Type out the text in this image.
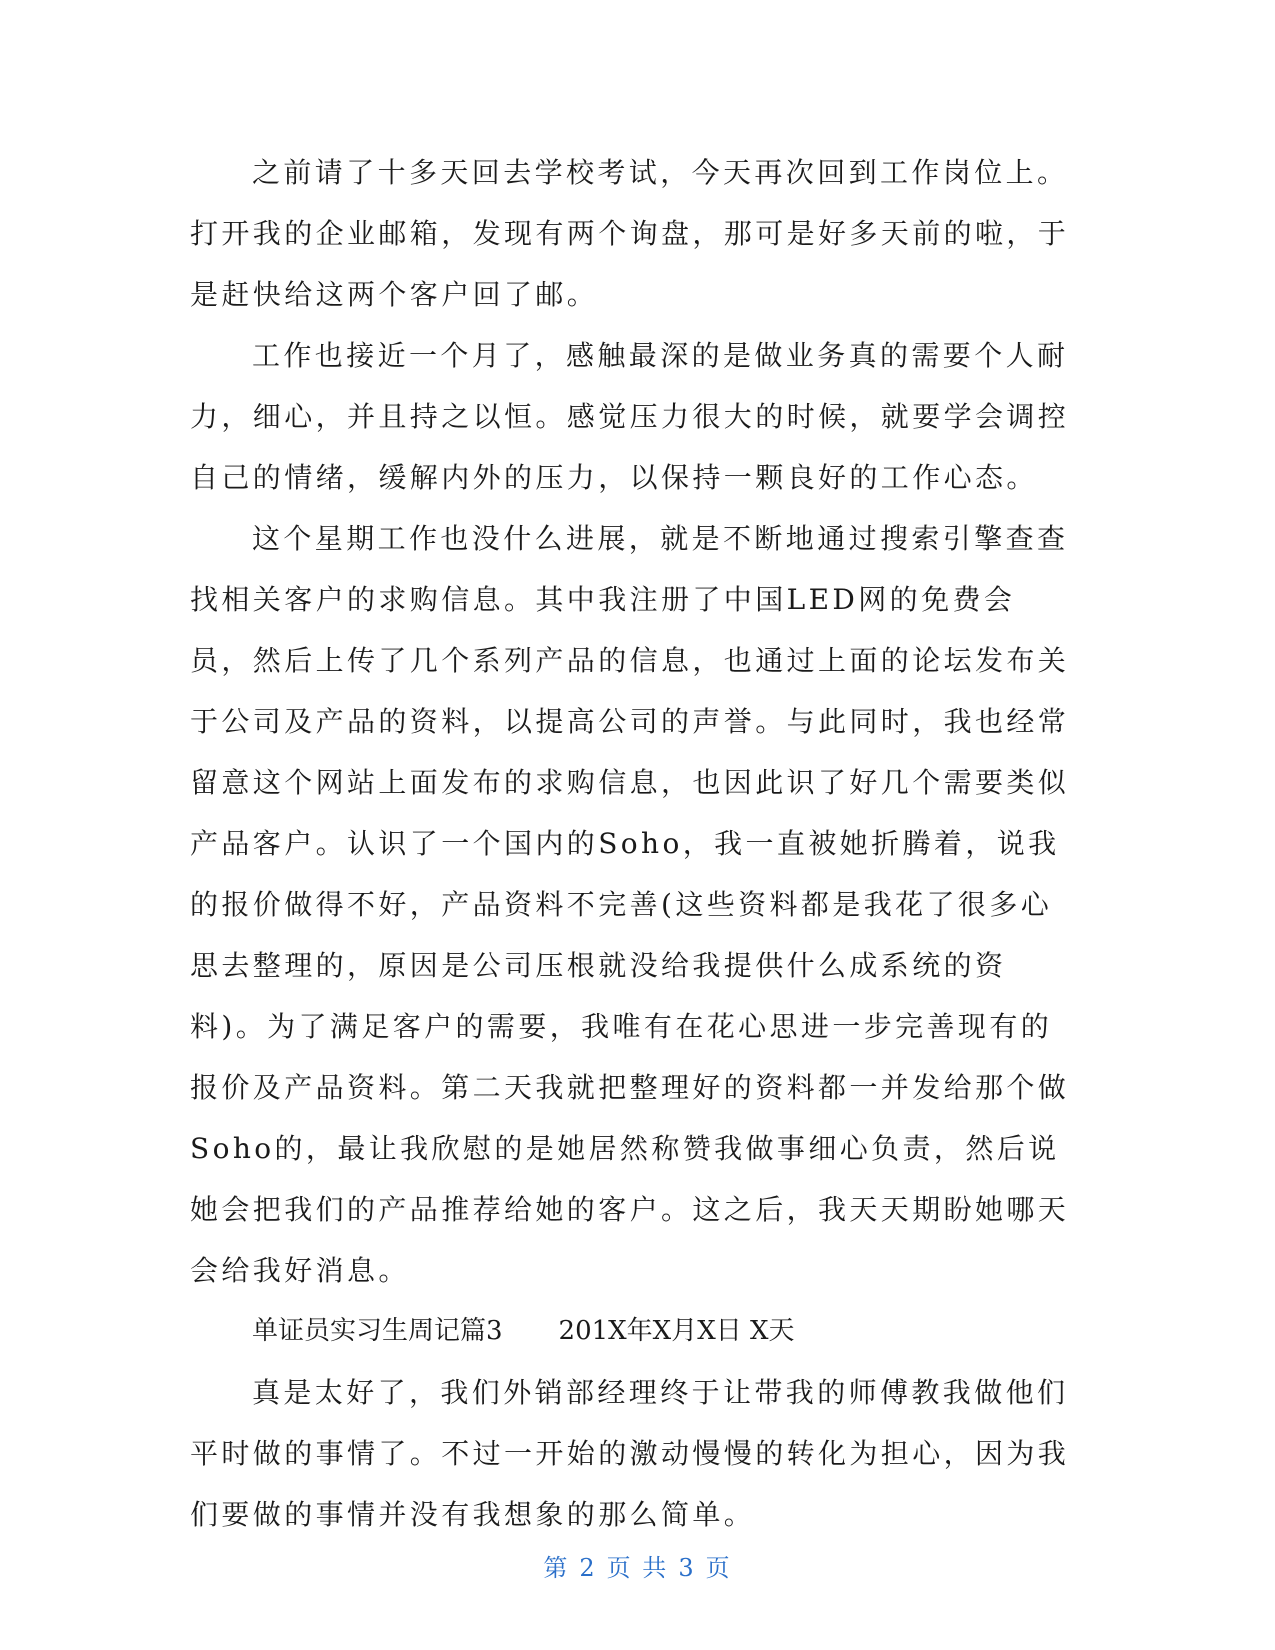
之前请了十多天回去学校考试，今天再次回到工作岗位上。打开我的企业邮箱，发现有两个询盘，那可是好多天前的啦，于是赶快给这两个客户回了邮。

工作也接近一个月了，感触最深的是做业务真的需要个人耐力，细心，并且持之以恒。感觉压力很大的时候，就要学会调控自己的情绪，缓解内外的压力，以保持一颗良好的工作心态。

这个星期工作也没什么进展，就是不断地通过搜索引擎查查找相关客户的求购信息。其中我注册了中国LED网的免费会员，然后上传了几个系列产品的信息，也通过上面的论坛发布关于公司及产品的资料，以提高公司的声誉。与此同时，我也经常留意这个网站上面发布的求购信息，也因此识了好几个需要类似产品客户。认识了一个国内的Soho，我一直被她折腾着，说我的报价做得不好，产品资料不完善(这些资料都是我花了很多心思去整理的，原因是公司压根就没给我提供什么成系统的资料)。为了满足客户的需要，我唯有在花心思进一步完善现有的报价及产品资料。第二天我就把整理好的资料都一并发给那个做Soho的，最让我欣慰的是她居然称赞我做事细心负责，然后说她会把我们的产品推荐给她的客户。这之后，我天天期盼她哪天会给我好消息。

单证员实习生周记篇3 201X年X月X日 X天

真是太好了，我们外销部经理终于让带我的师傅教我做他们平时做的事情了。不过一开始的激动慢慢的转化为担心，因为我们要做的事情并没有我想象的那么简单。

第 2 页 共 3 页
